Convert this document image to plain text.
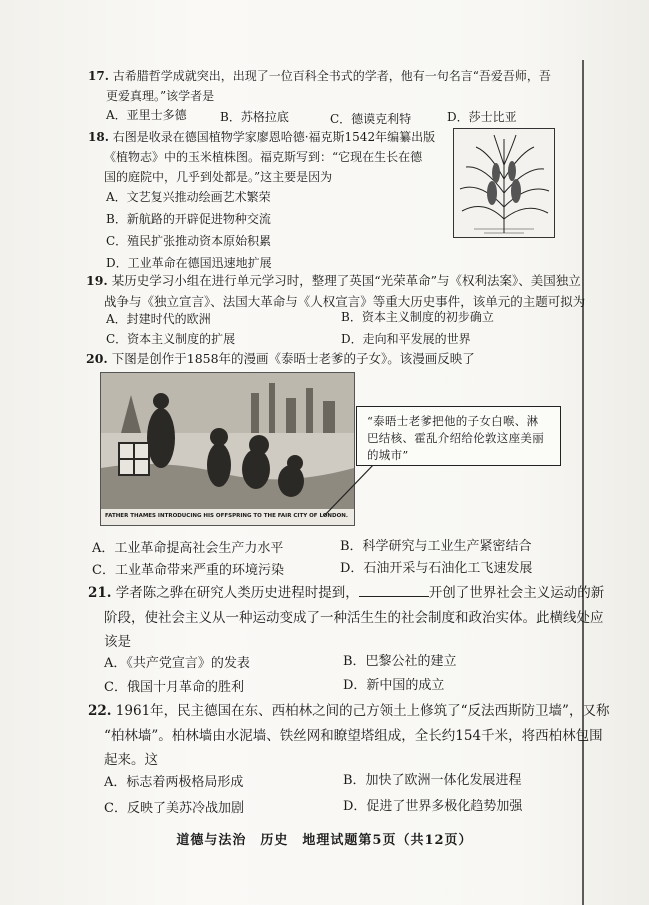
17. 古希腊哲学成就突出，出现了一位百科全书式的学者，他有一句名言“吾爱吾师，吾
更爱真理。”该学者是
A．亚里士多德	B．苏格拉底	C．德谟克利特	D．莎士比亚
18. 右图是收录在德国植物学家廖恩哈德·福克斯1542年编纂出版
《植物志》中的玉米植株图。福克斯写到：“它现在生长在德
国的庭院中，几乎到处都是。”这主要是因为
A．文艺复兴推动绘画艺术繁荣
B．新航路的开辟促进物种交流
C．殖民扩张推动资本原始积累
D．工业革命在德国迅速地扩展
19. 某历史学习小组在进行单元学习时，整理了英国“光荣革命”与《权利法案》、美国独立
战争与《独立宣言》、法国大革命与《人权宣言》等重大历史事件，该单元的主题可拟为
A．封建时代的欧洲	B．资本主义制度的初步确立
C．资本主义制度的扩展	D．走向和平发展的世界
20. 下图是创作于1858年的漫画《泰晤士老爹的子女》。该漫画反映了
FATHER THAMES INTRODUCING HIS OFFSPRING TO THE FAIR CITY OF LONDON.
“泰晤士老爹把他的子女白喉、淋巴结核、霍乱介绍给伦敦这座美丽的城市”
A．工业革命提高社会生产力水平	B．科学研究与工业生产紧密结合
C．工业革命带来严重的环境污染	D．石油开采与石油化工飞速发展
21. 学者陈之骅在研究人类历史进程时提到，	开创了世界社会主义运动的新
阶段，使社会主义从一种运动变成了一种活生生的社会制度和政治实体。此横线处应
该是
A．《共产党宣言》的发表	B．巴黎公社的建立
C．俄国十月革命的胜利	D．新中国的成立
22. 1961年，民主德国在东、西柏林之间的己方领土上修筑了“反法西斯防卫墙”，又称
“柏林墙”。柏林墙由水泥墙、铁丝网和瞭望塔组成，全长约154千米，将西柏林包围
起来。这
A．标志着两极格局形成	B．加快了欧洲一体化发展进程
C．反映了美苏冷战加剧	D．促进了世界多极化趋势加强
道德与法治　历史　地理试题第5页（共12页）
